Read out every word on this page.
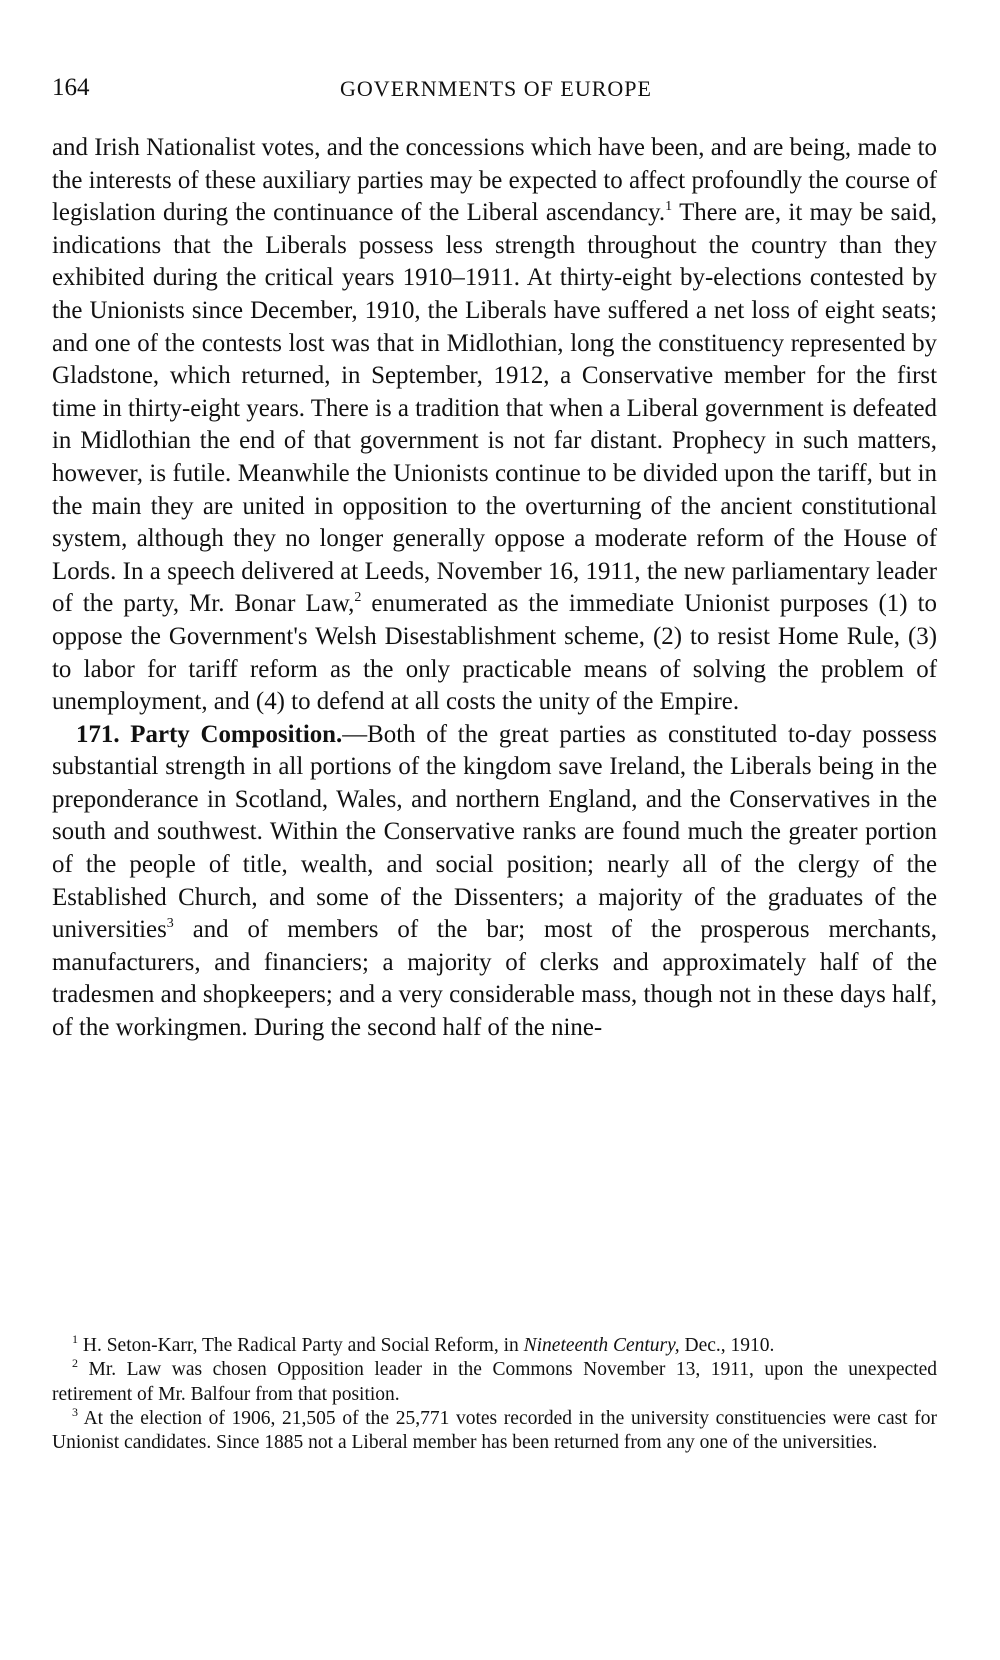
164	GOVERNMENTS OF EUROPE

and Irish Nationalist votes, and the concessions which have been, and are being, made to the interests of these auxiliary parties may be expected to affect profoundly the course of legislation during the continuance of the Liberal ascendancy.$^1$ There are, it may be said, indications that the Liberals possess less strength throughout the country than they exhibited during the critical years 1910–1911. At thirty-eight by-elections contested by the Unionists since December, 1910, the Liberals have suffered a net loss of eight seats; and one of the contests lost was that in Midlothian, long the constituency represented by Gladstone, which returned, in September, 1912, a Conservative member for the first time in thirty-eight years. There is a tradition that when a Liberal government is defeated in Midlothian the end of that government is not far distant. Prophecy in such matters, however, is futile. Meanwhile the Unionists continue to be divided upon the tariff, but in the main they are united in opposition to the overturning of the ancient constitutional system, although they no longer generally oppose a moderate reform of the House of Lords. In a speech delivered at Leeds, November 16, 1911, the new parliamentary leader of the party, Mr. Bonar Law,$^2$ enumerated as the immediate Unionist purposes (1) to oppose the Government's Welsh Disestablishment scheme, (2) to resist Home Rule, (3) to labor for tariff reform as the only practicable means of solving the problem of unemployment, and (4) to defend at all costs the unity of the Empire.

171. Party Composition.—Both of the great parties as constituted to-day possess substantial strength in all portions of the kingdom save Ireland, the Liberals being in the preponderance in Scotland, Wales, and northern England, and the Conservatives in the south and southwest. Within the Conservative ranks are found much the greater portion of the people of title, wealth, and social position; nearly all of the clergy of the Established Church, and some of the Dissenters; a majority of the graduates of the universities$^3$ and of members of the bar; most of the prosperous merchants, manufacturers, and financiers; a majority of clerks and approximately half of the tradesmen and shopkeepers; and a very considerable mass, though not in these days half, of the workingmen. During the second half of the nine-

$^1$ H. Seton-Karr, The Radical Party and Social Reform, in Nineteenth Century, Dec., 1910.

$^2$ Mr. Law was chosen Opposition leader in the Commons November 13, 1911, upon the unexpected retirement of Mr. Balfour from that position.

$^3$ At the election of 1906, 21,505 of the 25,771 votes recorded in the university constituencies were cast for Unionist candidates. Since 1885 not a Liberal member has been returned from any one of the universities.
